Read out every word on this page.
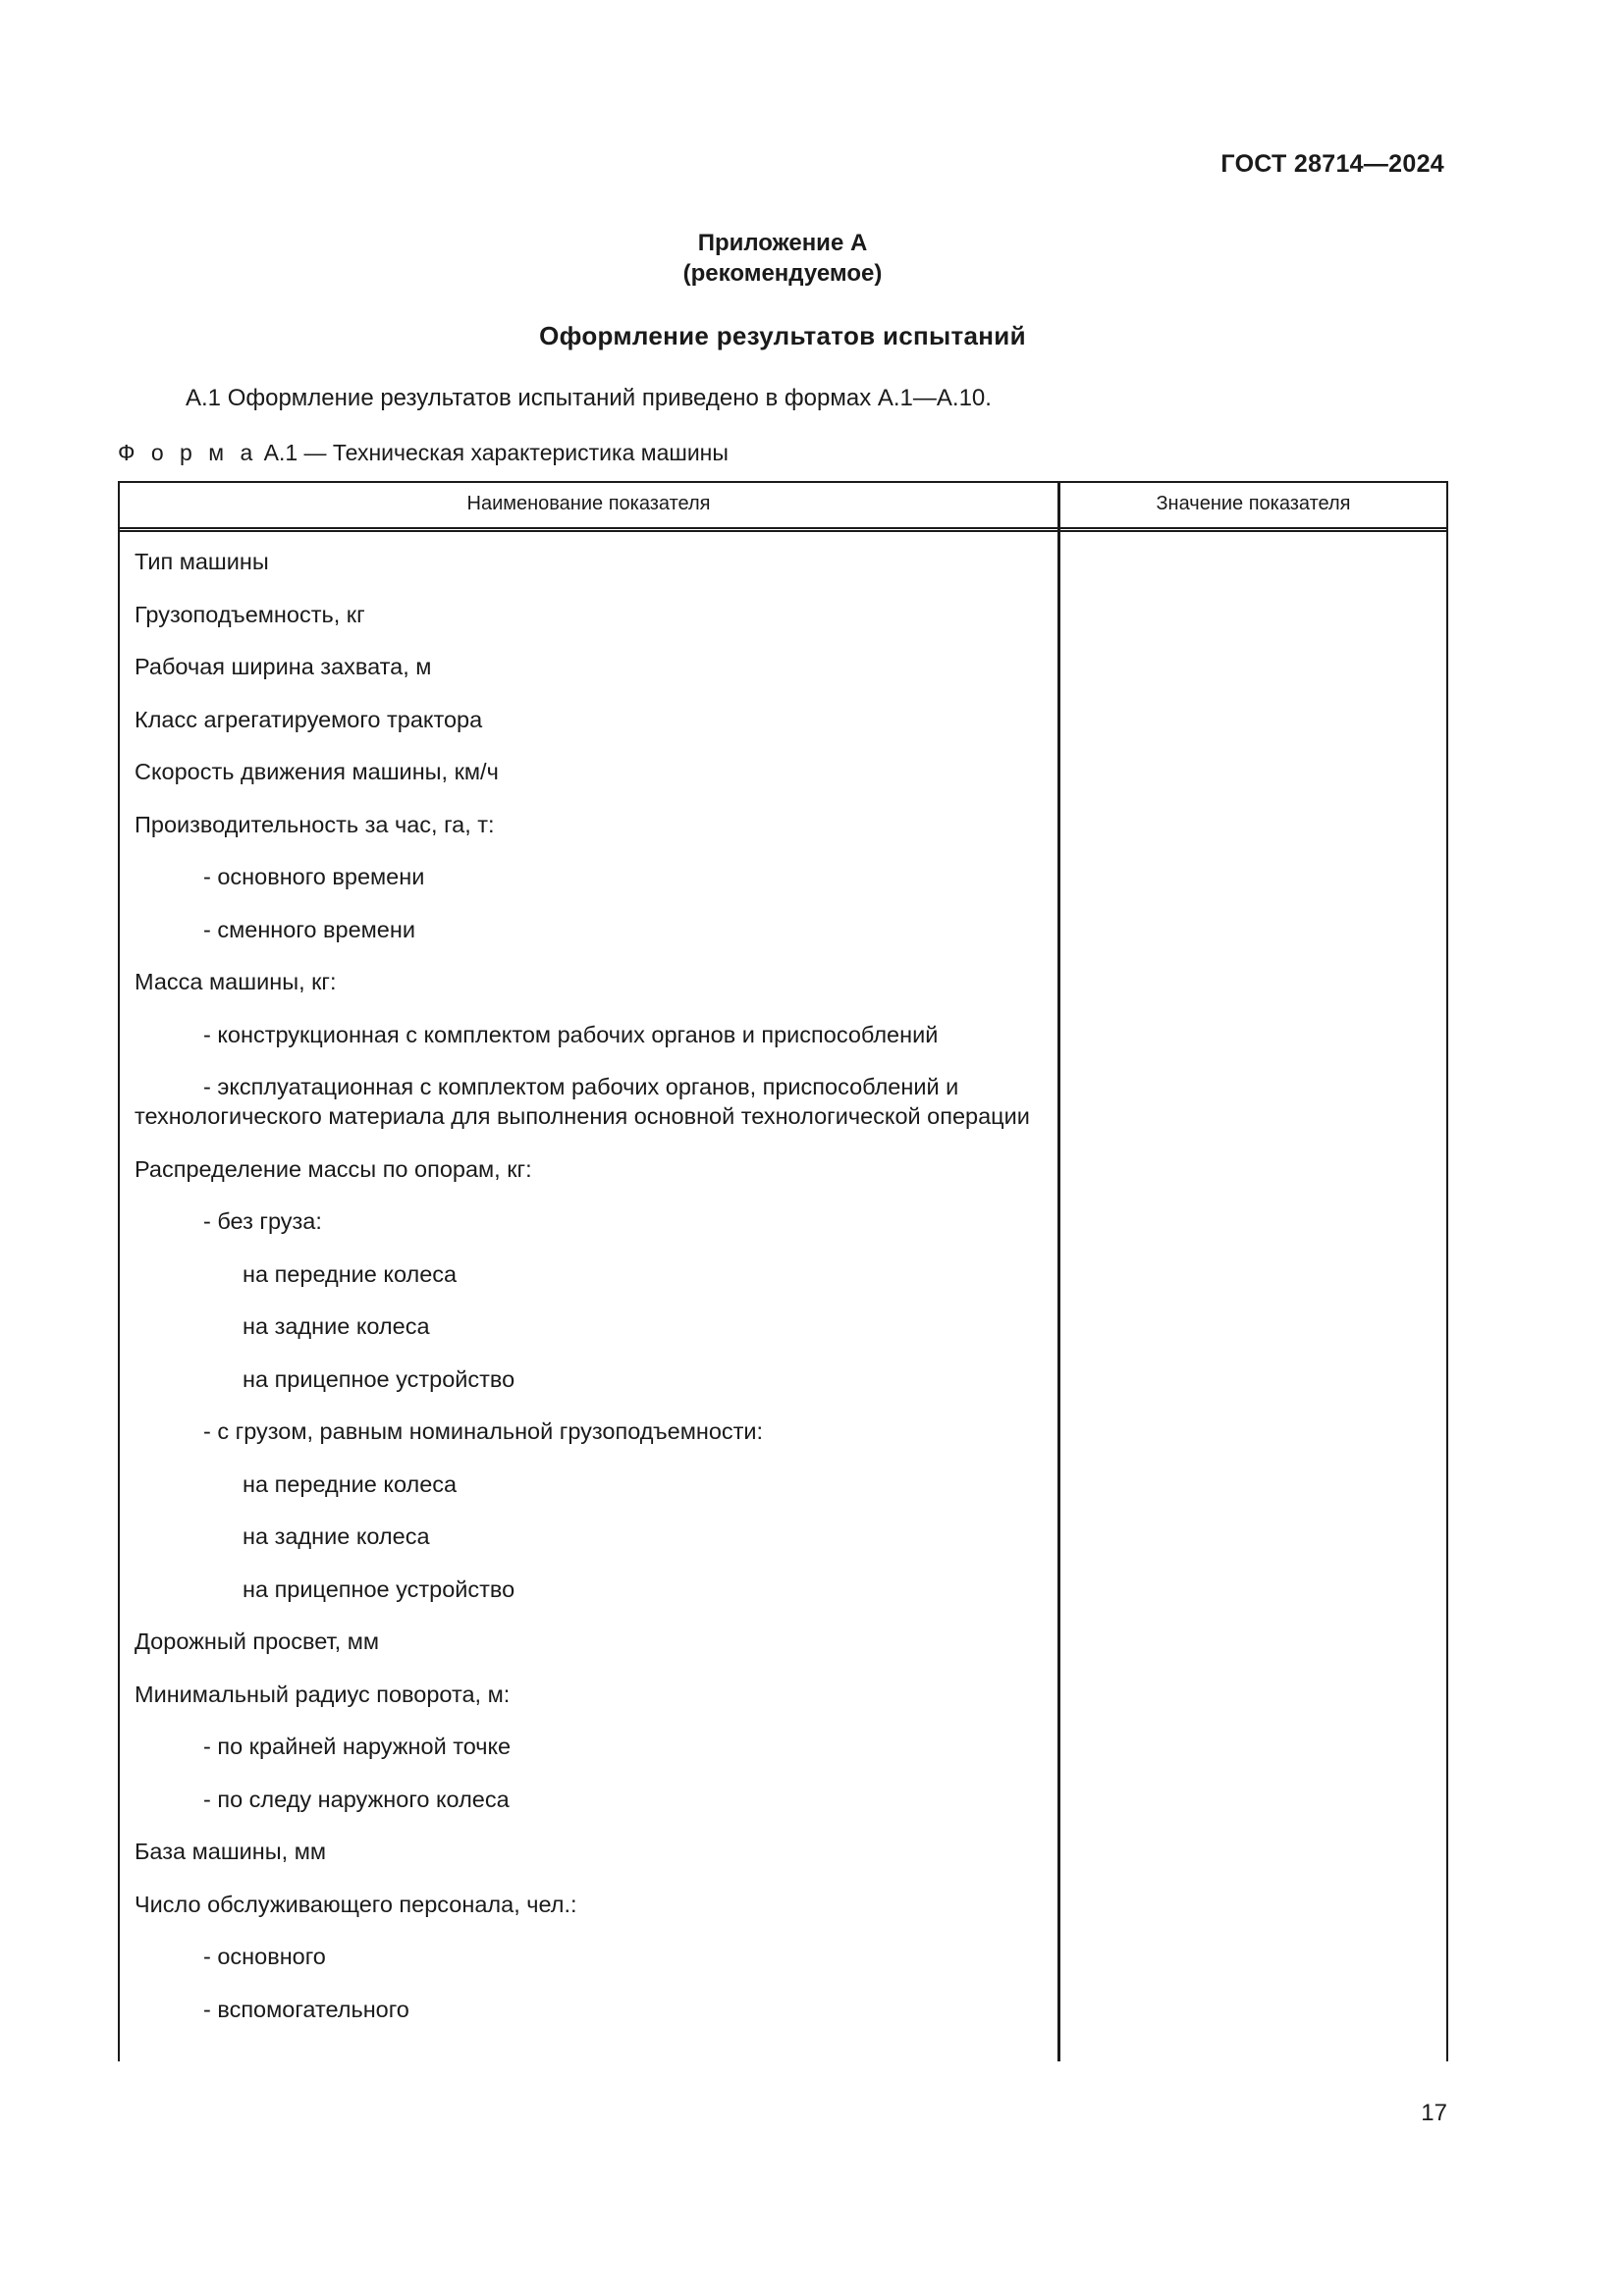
ГОСТ 28714—2024
Приложение А
(рекомендуемое)
Оформление результатов испытаний
А.1 Оформление результатов испытаний приведено в формах А.1—А.10.
Ф о р м а А.1 — Техническая характеристика машины
Наименование показателя	Значение показателя
Тип машины
Грузоподъемность, кг
Рабочая ширина захвата, м
Класс агрегатируемого трактора
Скорость движения машины, км/ч
Производительность за час, га, т:
- основного времени
- сменного времени
Масса машины, кг:
- конструкционная с комплектом рабочих органов и приспособлений
- эксплуатационная с комплектом рабочих органов, приспособлений и технологического материала для выполнения основной технологической операции
Распределение массы по опорам, кг:
- без груза:
на передние колеса
на задние колеса
на прицепное устройство
- с грузом, равным номинальной грузоподъемности:
на передние колеса
на задние колеса
на прицепное устройство
Дорожный просвет, мм
Минимальный радиус поворота, м:
- по крайней наружной точке
- по следу наружного колеса
База машины, мм
Число обслуживающего персонала, чел.:
- основного
- вспомогательного
17
